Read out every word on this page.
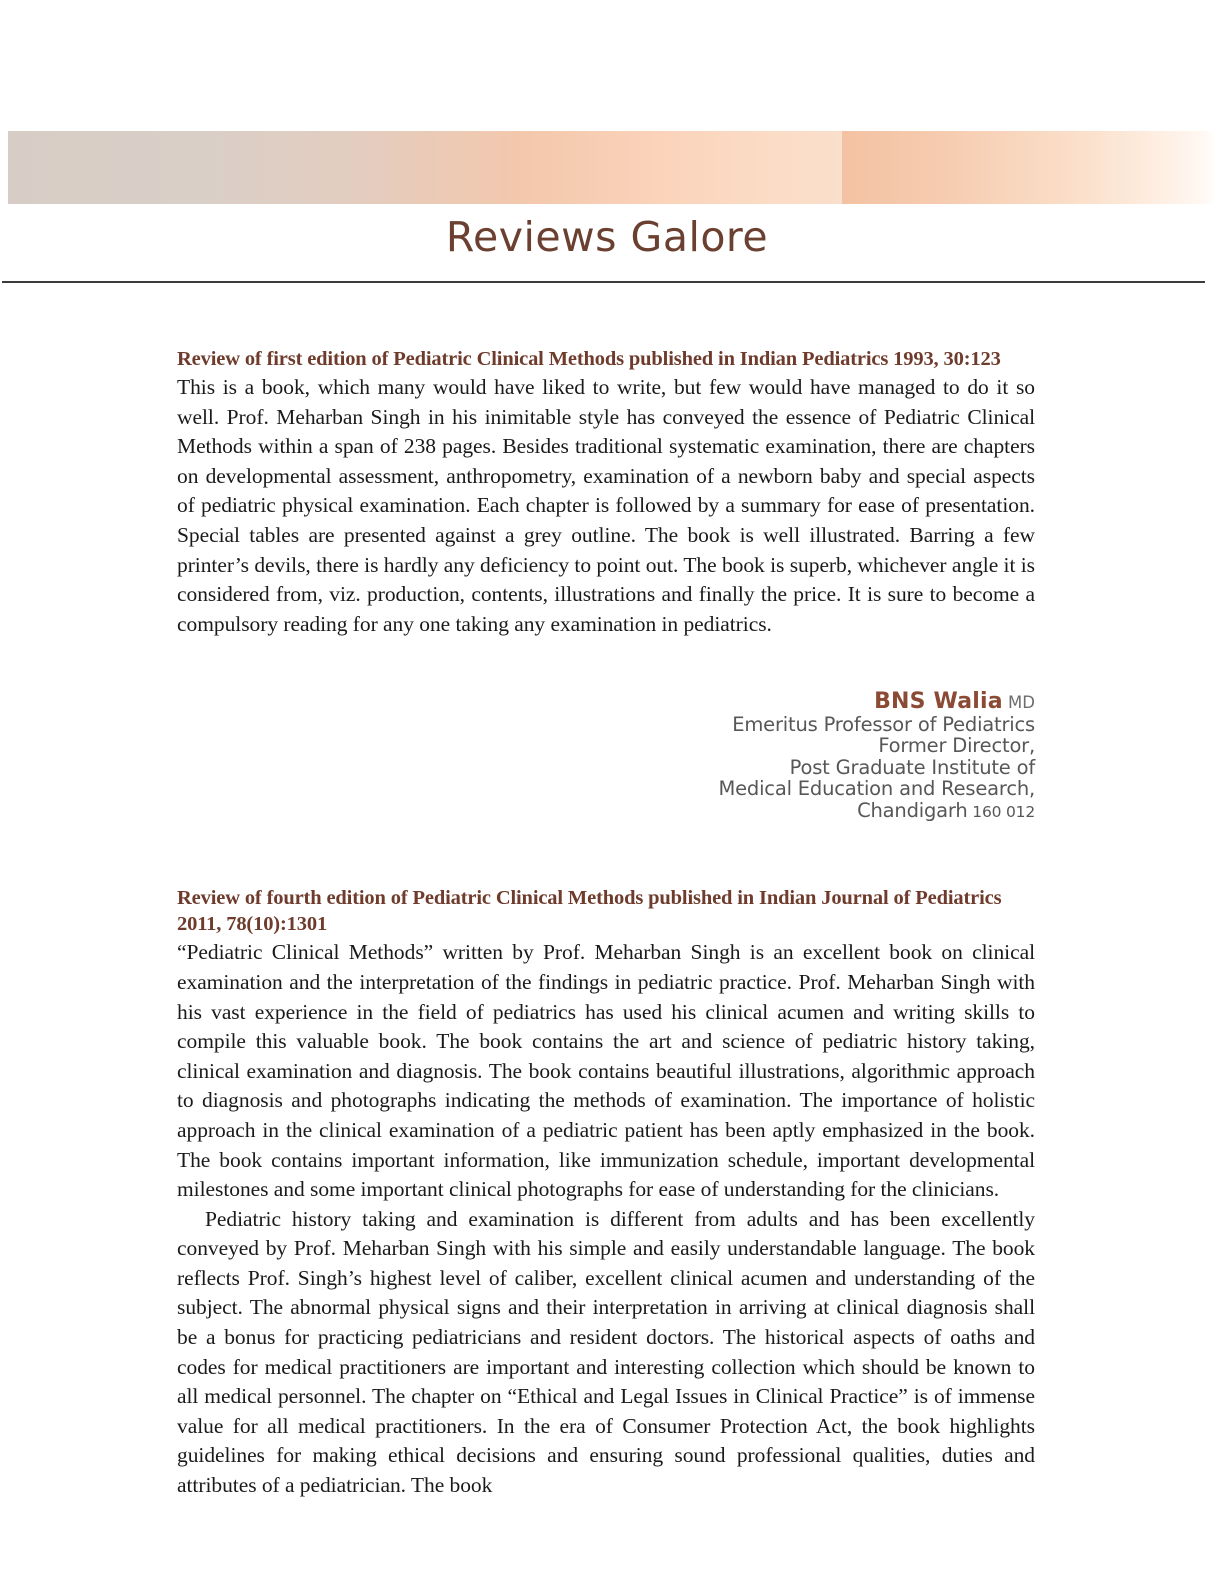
Reviews Galore

Review of first edition of Pediatric Clinical Methods published in Indian Pediatrics 1993, 30:123

This is a book, which many would have liked to write, but few would have managed to do it so well. Prof. Meharban Singh in his inimitable style has conveyed the essence of Pediatric Clinical Methods within a span of 238 pages. Besides traditional systematic examination, there are chapters on developmental assessment, anthropometry, examination of a newborn baby and special aspects of pediatric physical examination. Each chapter is followed by a summary for ease of presentation. Special tables are presented against a grey outline. The book is well illustrated. Barring a few printer’s devils, there is hardly any deficiency to point out. The book is superb, whichever angle it is considered from, viz. production, contents, illustrations and finally the price. It is sure to become a compulsory reading for any one taking any examination in pediatrics.

BNS Walia MD
Emeritus Professor of Pediatrics
Former Director,
Post Graduate Institute of
Medical Education and Research,
Chandigarh 160 012

Review of fourth edition of Pediatric Clinical Methods published in Indian Journal of Pediatrics 2011, 78(10):1301

“Pediatric Clinical Methods” written by Prof. Meharban Singh is an excellent book on clinical examination and the interpretation of the findings in pediatric practice. Prof. Meharban Singh with his vast experience in the field of pediatrics has used his clinical acumen and writing skills to compile this valuable book. The book contains the art and science of pediatric history taking, clinical examination and diagnosis. The book contains beautiful illustrations, algorithmic approach to diagnosis and photographs indicating the methods of examination. The importance of holistic approach in the clinical examination of a pediatric patient has been aptly emphasized in the book. The book contains important information, like immunization schedule, important developmental milestones and some important clinical photographs for ease of understanding for the clinicians.

Pediatric history taking and examination is different from adults and has been excellently conveyed by Prof. Meharban Singh with his simple and easily understandable language. The book reflects Prof. Singh’s highest level of caliber, excellent clinical acumen and understanding of the subject. The abnormal physical signs and their interpretation in arriving at clinical diagnosis shall be a bonus for practicing pediatricians and resident doctors. The historical aspects of oaths and codes for medical practitioners are important and interesting collection which should be known to all medical personnel. The chapter on “Ethical and Legal Issues in Clinical Practice” is of immense value for all medical practitioners. In the era of Consumer Protection Act, the book highlights guidelines for making ethical decisions and ensuring sound professional qualities, duties and attributes of a pediatrician. The book
